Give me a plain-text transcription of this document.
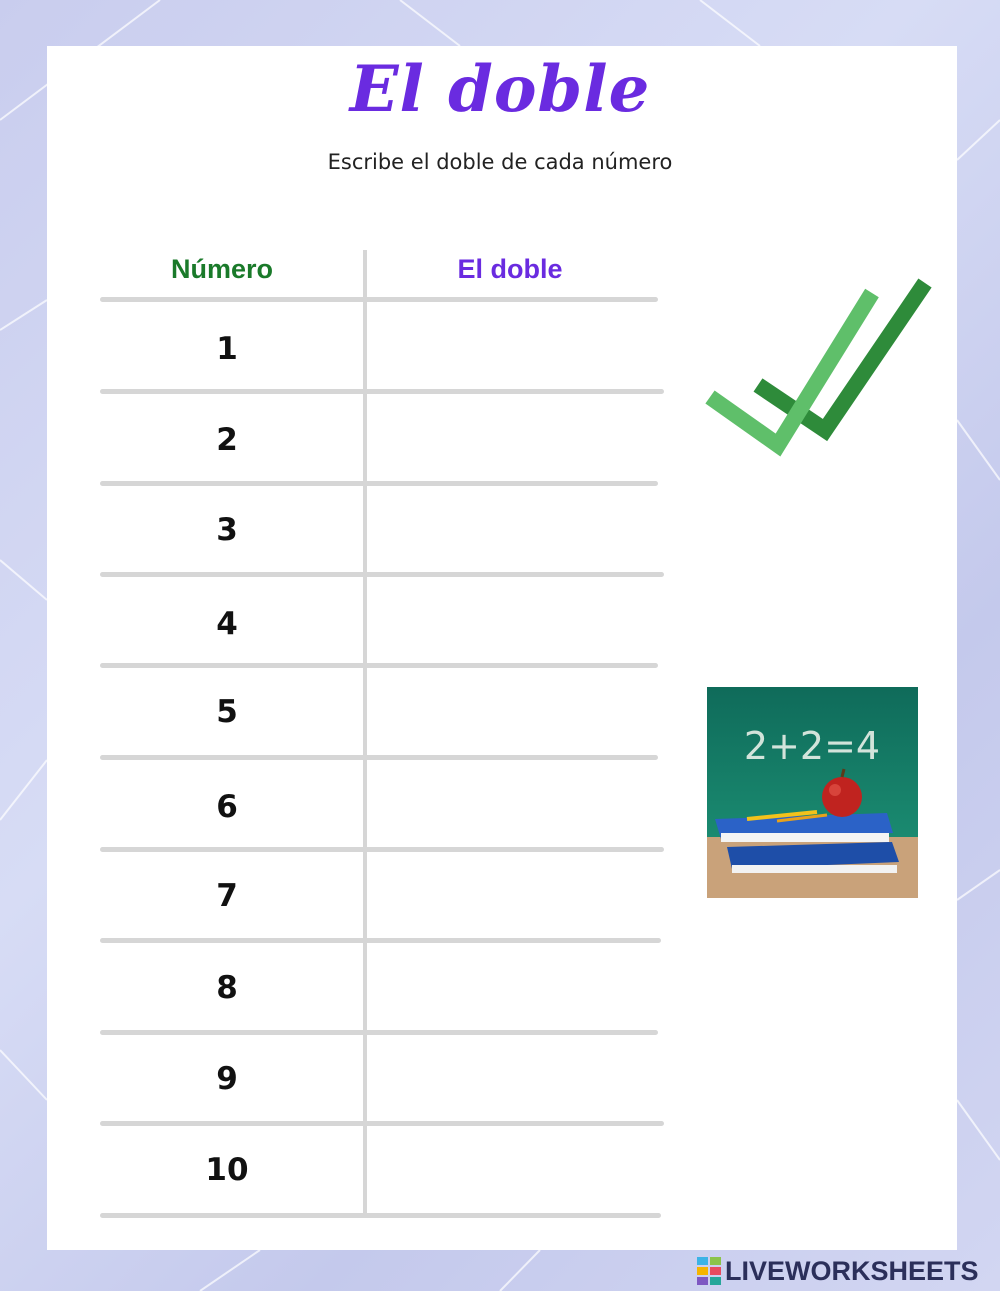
El doble
Escribe el doble de cada número
Número	El doble
1
2
3
4
5
6
7
8
9
10
2+2=4
LIVEWORKSHEETS
